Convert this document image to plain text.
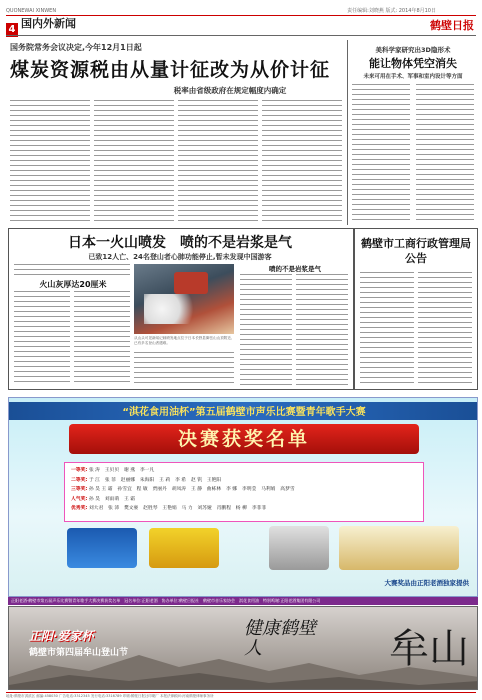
QUONEWAI XINWEN	责任编辑:刘晓燕 版式: 2014年8月10日
鹤壁日报
4 国内外新闻
国务院常务会议决定,今年12月1日起
煤炭资源税由从量计征改为从价计征
税率由省级政府在规定幅度内确定
美科学家研究出3D隐形术
能让物体凭空消失
未来可用在手术、军事和室内设计等方面
日本一火山喷发　喷的不是岩浆是气
已致12人亡、24名登山者心肺功能停止,暂未发现中国游客
火山灰厚达20厘米
从山头可见新闻记载喷发地点位于日本长野县御岳山山顶附近,已有多名登山者遇难。
喷的不是岩浆是气
鹤壁市工商行政管理局公告
“淇花食用油杯”第五届鹤壁市声乐比赛暨青年歌手大赛
决赛获奖名单
一等奖: 张 涛　王贝贝　谢 燕　李一凡
二等奖: 于 江　张 菲　赵丽娜　朱海阳　王 莉　李 希　赵 钒　王艳阳
三等奖: 孙 昊 王 霜　孙雪宜　程 敏　贾丽丹　胡凤涛　王 静　曲栋林　李 娜　李明莹　马利娟　高梦雪
人气奖: 孙 昊　刘雨萌　王 霜
优秀奖: 刘大君　张 沛　樊文豪　赵胜琴　王艳娟　马 力　刘苏娅　肖鹏程　杨 柳　李菲菲
大赛奖品由正阳老酒独家提供
正阳老酒·鹤壁市第五届声乐比赛暨青年歌手大赛决赛获奖名单　冠名单位:正阳老酒　协办单位:鹤壁日报社　鹤壁市音乐家协会　淇花食用油　特别鸣谢:正阳老酒集团有限公司
正阳·爱家杯
鹤壁市第四届牟山登山节
健康鹤壁人	牟山
地址:鹤壁市淇滨区 邮编:458030 广告电话:3312345 发行电话:3316789 印刷:鹤壁日报社印刷厂 本报法律顾问:河南鹤壁律师事务所
